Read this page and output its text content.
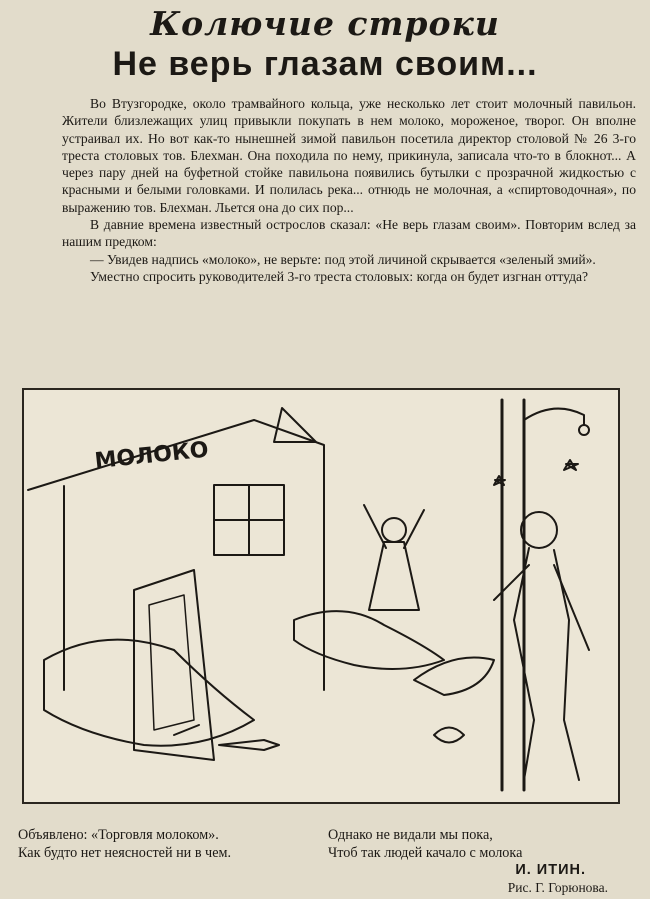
Колючие строки
Не верь глазам своим...

Во Втузгородке, около трамвайного кольца, уже несколько лет стоит молочный павильон. Жители близлежащих улиц привыкли покупать в нем молоко, мороженое, творог. Он вполне устраивал их. Но вот как-то нынешней зимой павильон посетила директор столовой № 26 3-го треста столовых тов. Блехман. Она походила по нему, прикинула, записала что-то в блокнот... А через пару дней на буфетной стойке павильона появились бутылки с прозрачной жидкостью с красными и белыми головками. И полилась река... отнюдь не молочная, а «спиртоводочная», по выражению тов. Блехман. Льется она до сих пор...

В давние времена известный острослов сказал: «Не верь глазам своим». Повторим вслед за нашим предком:

— Увидев надпись «молоко», не верьте: под этой личиной скрывается «зеленый змий».

Уместно спросить руководителей 3-го треста столовых: когда он будет изгнан оттуда?

МОЛОКО
Объявлено: «Торговля молоком».
Как будто нет неясностей ни в чем.
Однако не видали мы пока,
Чтоб так людей качало с молока
И. ИТИН.
Рис. Г. Горюнова.
